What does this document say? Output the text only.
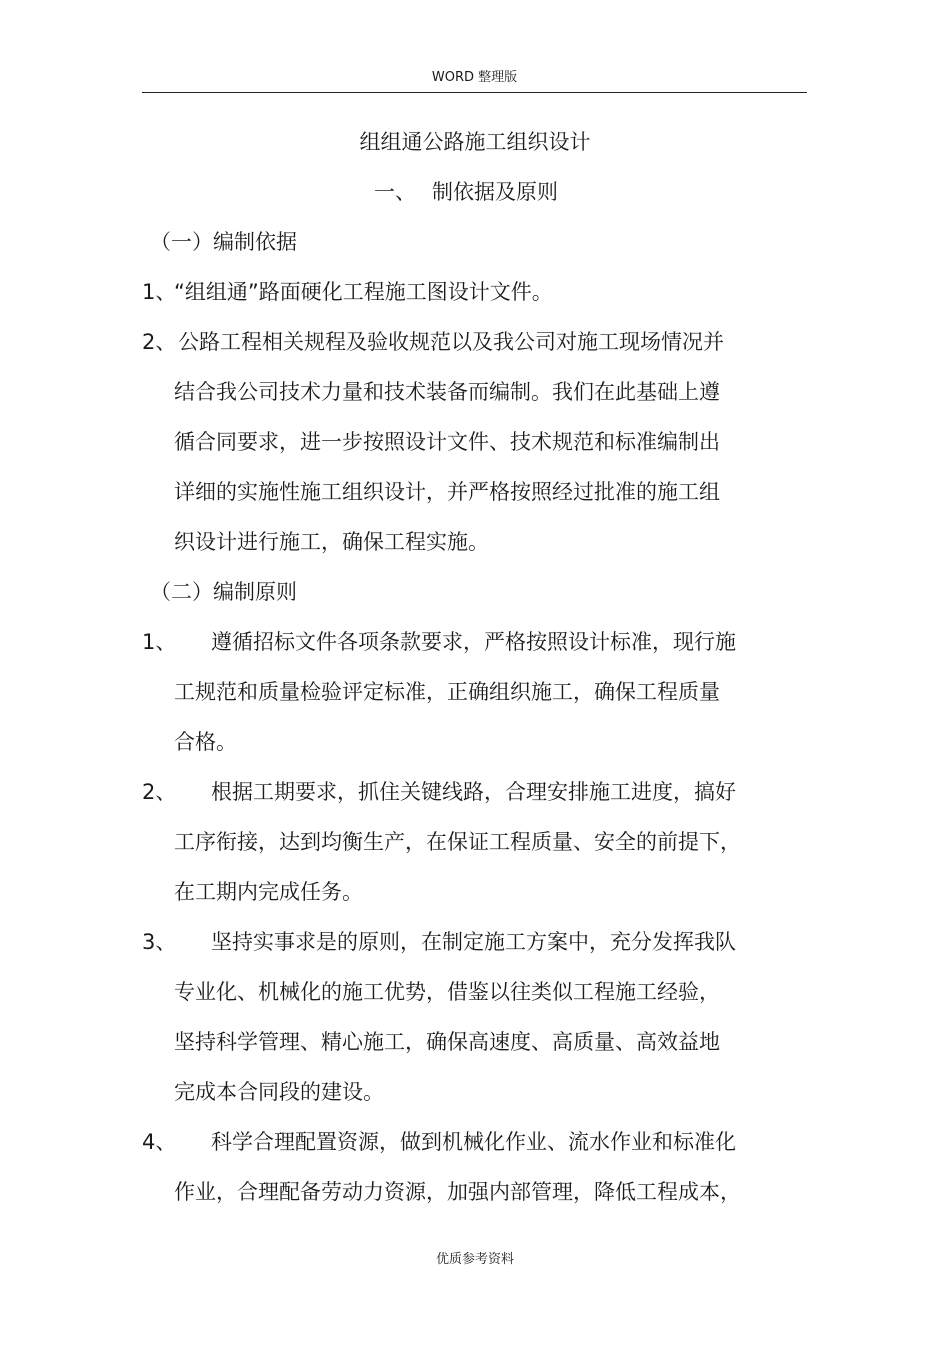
WORD 整理版
组组通公路施工组织设计
一、 制依据及原则
（一）编制依据
1、
“组组通”路面硬化工程施工图设计文件。
2、 公路工程相关规程及验收规范以及我公司对施工现场情况并
结合我公司技术力量和技术装备而编制。我们在此基础上遵
循合同要求，进一步按照设计文件、技术规范和标准编制出
详细的实施性施工组织设计，并严格按照经过批准的施工组
织设计进行施工，确保工程实施。
（二）编制原则
1、 遵循招标文件各项条款要求，严格按照设计标准，现行施
工规范和质量检验评定标准，正确组织施工，确保工程质量
合格。
2、 根据工期要求，抓住关键线路，合理安排施工进度，搞好
工序衔接，达到均衡生产，在保证工程质量、安全的前提下，
在工期内完成任务。
3、 坚持实事求是的原则，在制定施工方案中，充分发挥我队
专业化、机械化的施工优势，借鉴以往类似工程施工经验，
坚持科学管理、精心施工，确保高速度、高质量、高效益地
完成本合同段的建设。
4、 科学合理配置资源，做到机械化作业、流水作业和标准化
作业，合理配备劳动力资源，加强内部管理，降低工程成本，
优质参考资料
